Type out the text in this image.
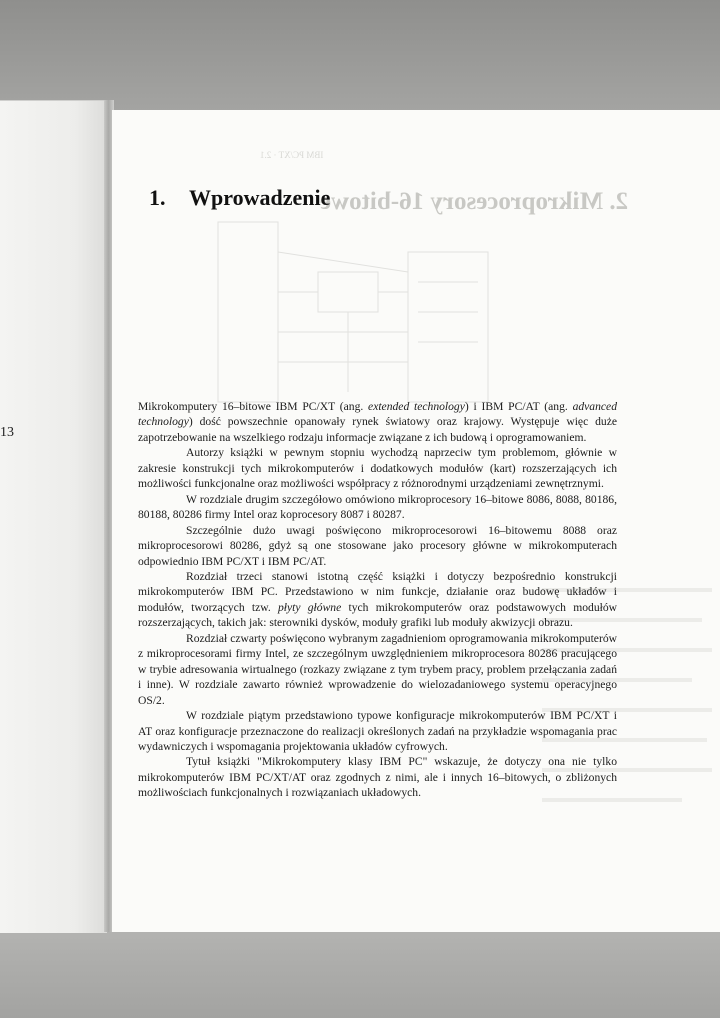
13
IBM PC/XT · 2.1
2. Mikroprocesory 16-bitowe
1. Wprowadzenie

Mikrokomputery 16–bitowe IBM PC/XT (ang. extended technology) i IBM PC/AT (ang. advanced technology) dość powszechnie opanowały rynek światowy oraz krajowy. Występuje więc duże zapotrzebowanie na wszelkiego rodzaju informacje związane z ich budową i oprogramowaniem.

Autorzy książki w pewnym stopniu wychodzą naprzeciw tym problemom, głównie w zakresie konstrukcji tych mikrokomputerów i dodatkowych modułów (kart) rozszerzających ich możliwości funkcjonalne oraz możliwości współpracy z różnorodnymi urządzeniami zewnętrznymi.

W rozdziale drugim szczegółowo omówiono mikroprocesory 16–bitowe 8086, 8088, 80186, 80188, 80286 firmy Intel oraz koprocesory 8087 i 80287.

Szczególnie dużo uwagi poświęcono mikroprocesorowi 16–bitowemu 8088 oraz mikroprocesorowi 80286, gdyż są one stosowane jako procesory główne w mikrokomputerach odpowiednio IBM PC/XT i IBM PC/AT.

Rozdział trzeci stanowi istotną część książki i dotyczy bezpośrednio konstrukcji mikrokomputerów IBM PC. Przedstawiono w nim funkcje, działanie oraz budowę układów i modułów, tworzących tzw. płyty główne tych mikrokomputerów oraz podstawowych modułów rozszerzających, takich jak: sterowniki dysków, moduły grafiki lub moduły akwizycji obrazu.

Rozdział czwarty poświęcono wybranym zagadnieniom oprogramowania mikrokomputerów z mikroprocesorami firmy Intel, ze szczególnym uwzględnieniem mikroprocesora 80286 pracującego w trybie adresowania wirtualnego (rozkazy związane z tym trybem pracy, problem przełączania zadań i inne). W rozdziale zawarto również wprowadzenie do wielozadaniowego systemu operacyjnego OS/2.

W rozdziale piątym przedstawiono typowe konfiguracje mikrokomputerów IBM PC/XT i AT oraz konfiguracje przeznaczone do realizacji określonych zadań na przykładzie wspomagania prac wydawniczych i wspomagania projektowania układów cyfrowych.

Tytuł książki "Mikrokomputery klasy IBM PC" wskazuje, że dotyczy ona nie tylko mikrokomputerów IBM PC/XT/AT oraz zgodnych z nimi, ale i innych 16–bitowych, o zbliżonych możliwościach funkcjonalnych i rozwiązaniach układowych.
